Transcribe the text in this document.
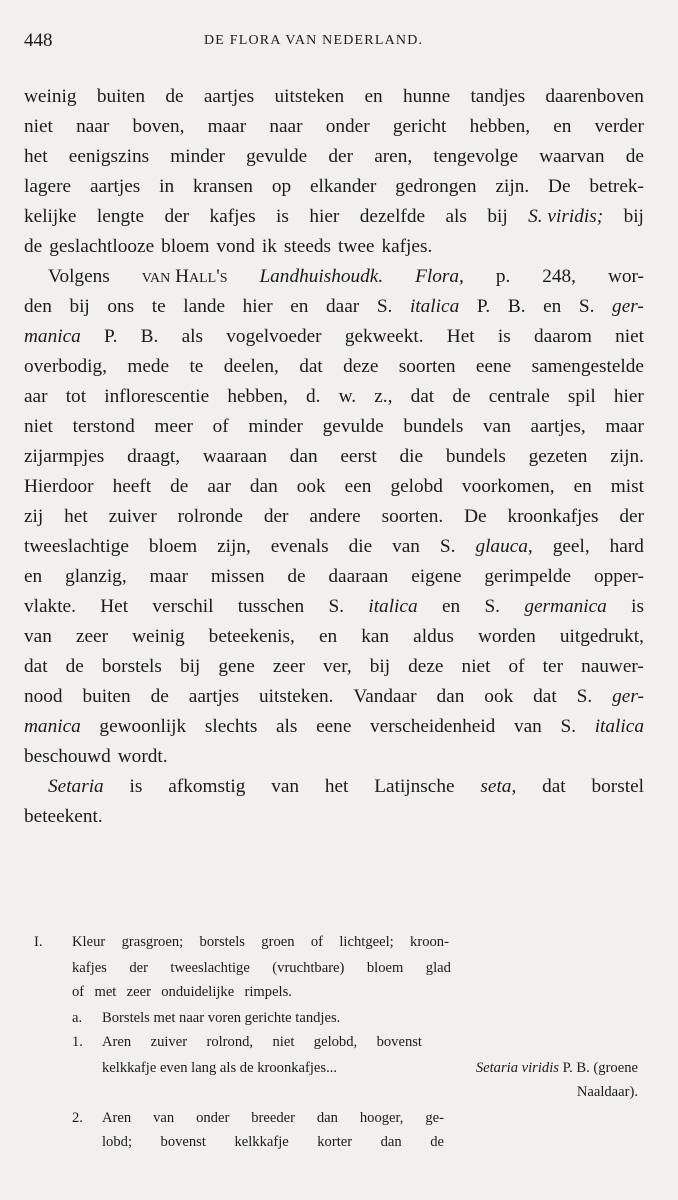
448	DE FLORA VAN NEDERLAND.
weinig buiten de aartjes uitsteken en hunne tandjes daarenboven
niet naar boven, maar naar onder gericht hebben, en verder
het eenigszins minder gevulde der aren, tengevolge waarvan de
lagere aartjes in kransen op elkander gedrongen zijn. De betrek-
kelijke lengte der kafjes is hier dezelfde als bij S. viridis; bij
de geslachtlooze bloem vond ik steeds twee kafjes.
Volgens van Hall's Landhuishoudk. Flora, p. 248, wor-
den bij ons te lande hier en daar S. italica P. B. en S. ger-
manica P. B. als vogelvoeder gekweekt. Het is daarom niet
overbodig, mede te deelen, dat deze soorten eene samengestelde
aar tot inflorescentie hebben, d. w. z., dat de centrale spil hier
niet terstond meer of minder gevulde bundels van aartjes, maar
zijarmpjes draagt, waaraan dan eerst die bundels gezeten zijn.
Hierdoor heeft de aar dan ook een gelobd voorkomen, en mist
zij het zuiver rolronde der andere soorten. De kroonkafjes der
tweeslachtige bloem zijn, evenals die van S. glauca, geel, hard
en glanzig, maar missen de daaraan eigene gerimpelde opper-
vlakte. Het verschil tusschen S. italica en S. germanica is
van zeer weinig beteekenis, en kan aldus worden uitgedrukt,
dat de borstels bij gene zeer ver, bij deze niet of ter nauwer-
nood buiten de aartjes uitsteken. Vandaar dan ook dat S. ger-
manica gewoonlijk slechts als eene verscheidenheid van S. italica
beschouwd wordt.
Setaria is afkomstig van het Latijnsche seta, dat borstel
beteekent.
I. Kleur grasgroen; borstels groen of lichtgeel; kroon-
kafjes der tweeslachtige (vruchtbare) bloem glad
of met zeer onduidelijke rimpels.
a. Borstels met naar voren gerichte tandjes.
1. Aren zuiver rolrond, niet gelobd, bovenst
kelkkafje even lang als de kroonkafjes...	Setaria viridis P. B. (groene
Naaldaar).
2. Aren van onder breeder dan hooger, ge-
lobd; bovenst kelkkafje korter dan de
